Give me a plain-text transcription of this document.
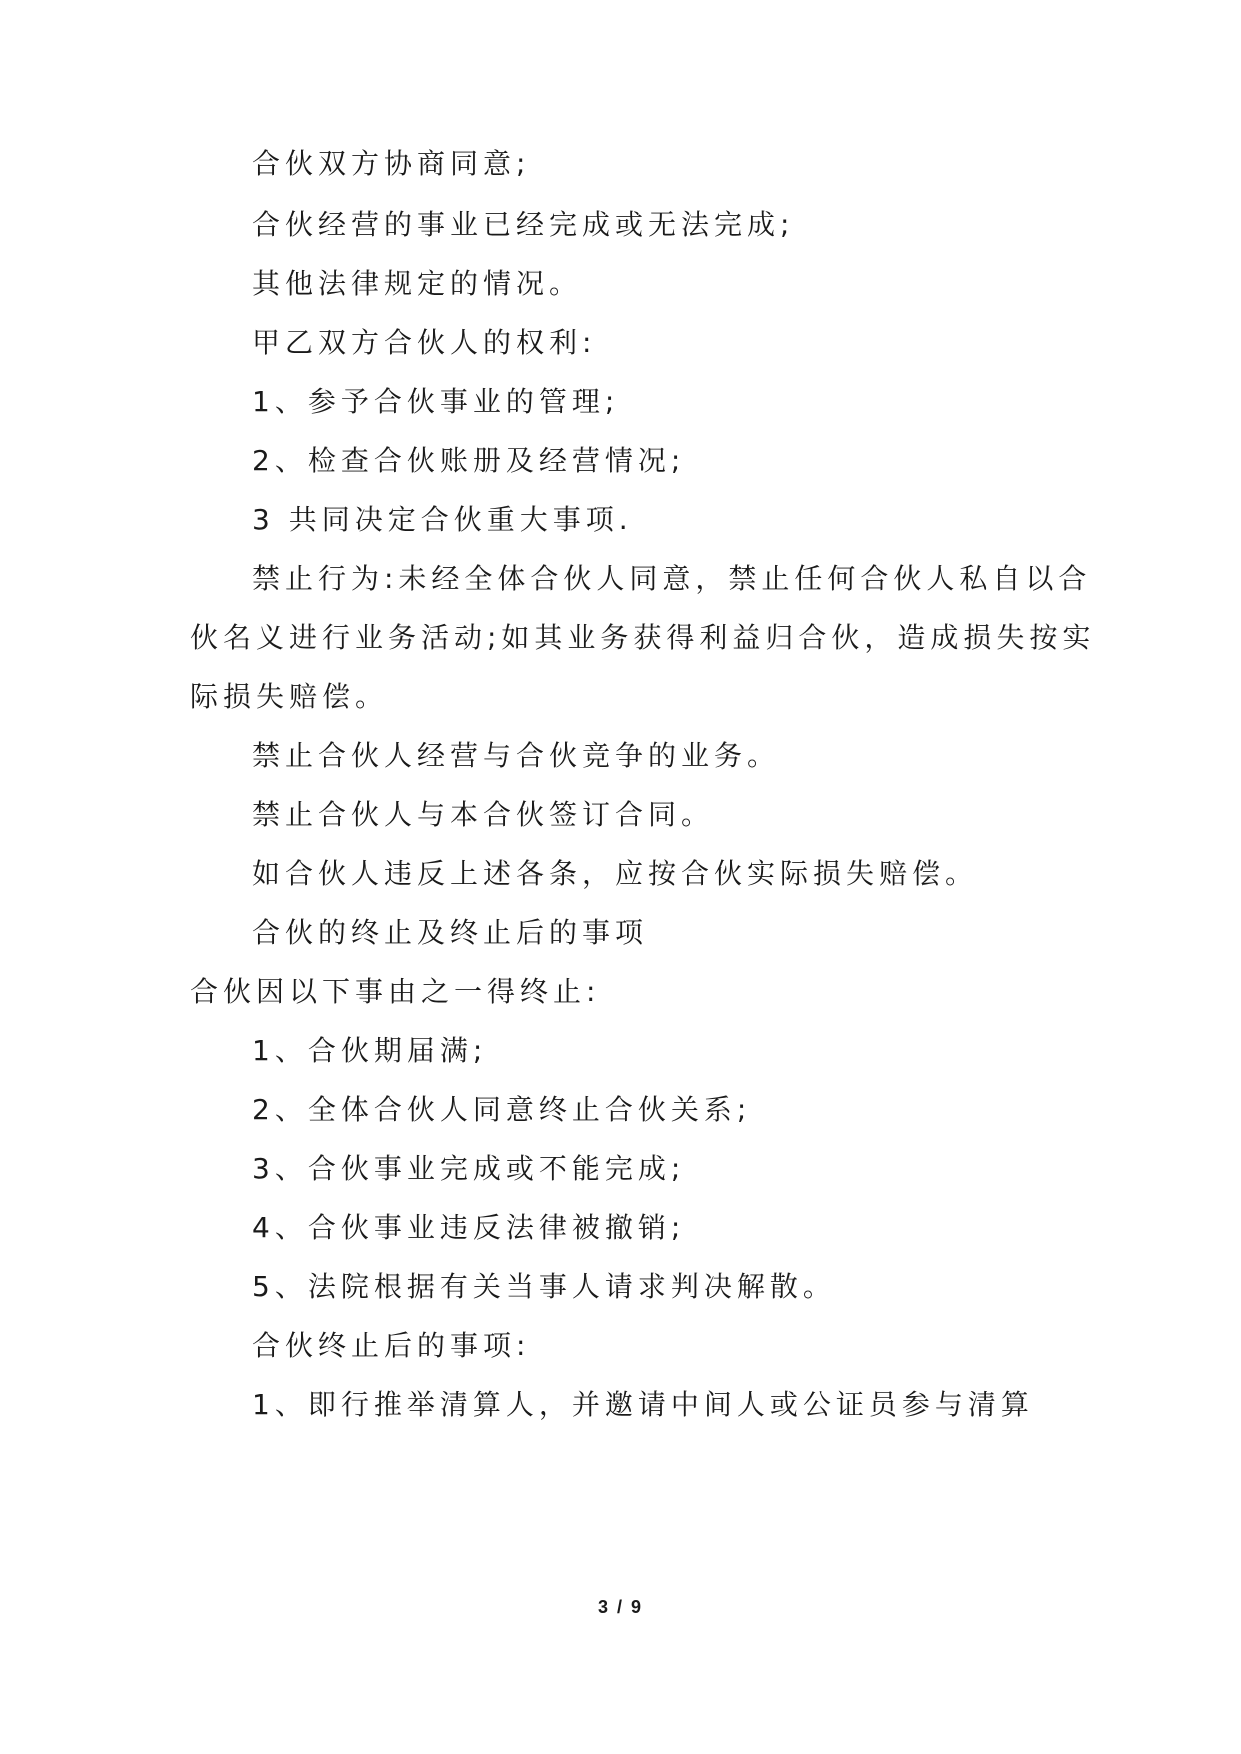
合伙双方协商同意;

合伙经营的事业已经完成或无法完成;

其他法律规定的情况。

甲乙双方合伙人的权利:

1、参予合伙事业的管理;

2、检查合伙账册及经营情况;

3 共同决定合伙重大事项.

禁止行为:未经全体合伙人同意，禁止任何合伙人私自以合

伙名义进行业务活动;如其业务获得利益归合伙，造成损失按实

际损失赔偿。

禁止合伙人经营与合伙竞争的业务。

禁止合伙人与本合伙签订合同。

如合伙人违反上述各条，应按合伙实际损失赔偿。

合伙的终止及终止后的事项

合伙因以下事由之一得终止:

1、合伙期届满;

2、全体合伙人同意终止合伙关系;

3、合伙事业完成或不能完成;

4、合伙事业违反法律被撤销;

5、法院根据有关当事人请求判决解散。

合伙终止后的事项:

1、即行推举清算人，并邀请中间人或公证员参与清算

3 / 9
